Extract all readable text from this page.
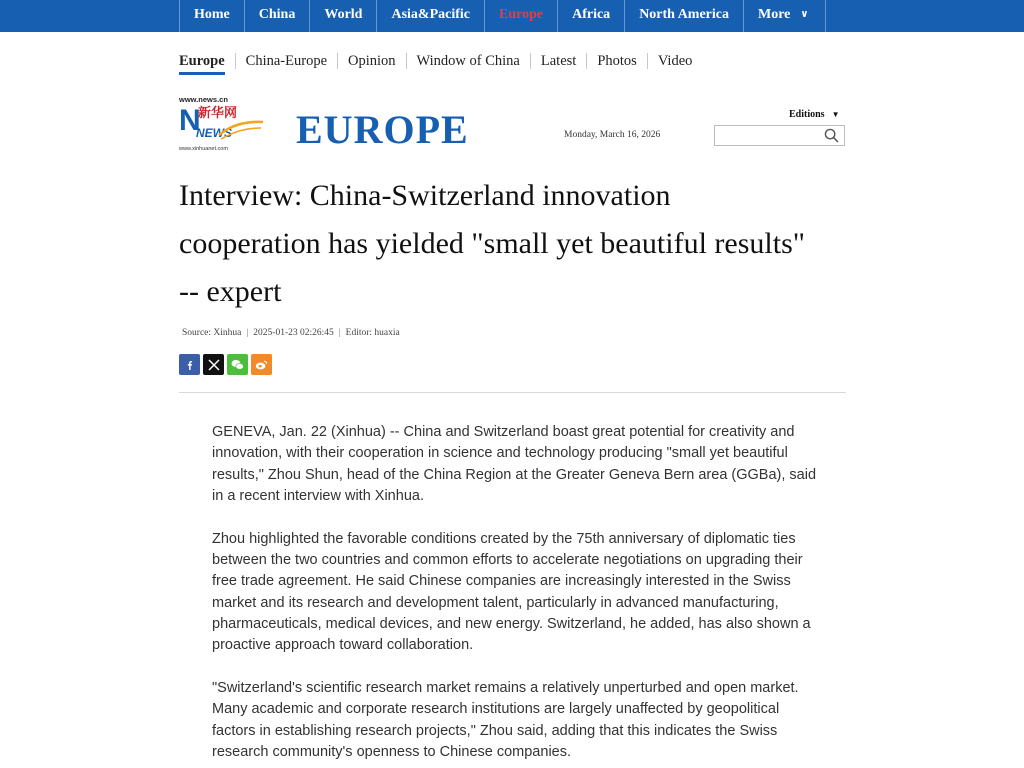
Home	China	World	Asia&Pacific	Europe	Africa	North America	More ∨
Europe	China-Europe	Opinion	Window of China	Latest	Photos	Video
www.news.cn
N
新华网
NEWS
www.xinhuanet.com EUROPE	Monday, March 16, 2026
Editions ▼
Interview: China-Switzerland innovation cooperation has yielded "small yet beautiful results" -- expert
Source: Xinhua | 2025-01-23 02:26:45 | Editor: huaxia

GENEVA, Jan. 22 (Xinhua) -- China and Switzerland boast great potential for creativity and innovation, with their cooperation in science and technology producing "small yet beautiful results," Zhou Shun, head of the China Region at the Greater Geneva Bern area (GGBa), said in a recent interview with Xinhua.

Zhou highlighted the favorable conditions created by the 75th anniversary of diplomatic ties between the two countries and common efforts to accelerate negotiations on upgrading their free trade agreement. He said Chinese companies are increasingly interested in the Swiss market and its research and development talent, particularly in advanced manufacturing, pharmaceuticals, medical devices, and new energy. Switzerland, he added, has also shown a proactive approach toward collaboration.

"Switzerland's scientific research market remains a relatively unperturbed and open market. Many academic and corporate research institutions are largely unaffected by geopolitical factors in establishing research projects," Zhou said, adding that this indicates the Swiss research community's openness to Chinese companies.
